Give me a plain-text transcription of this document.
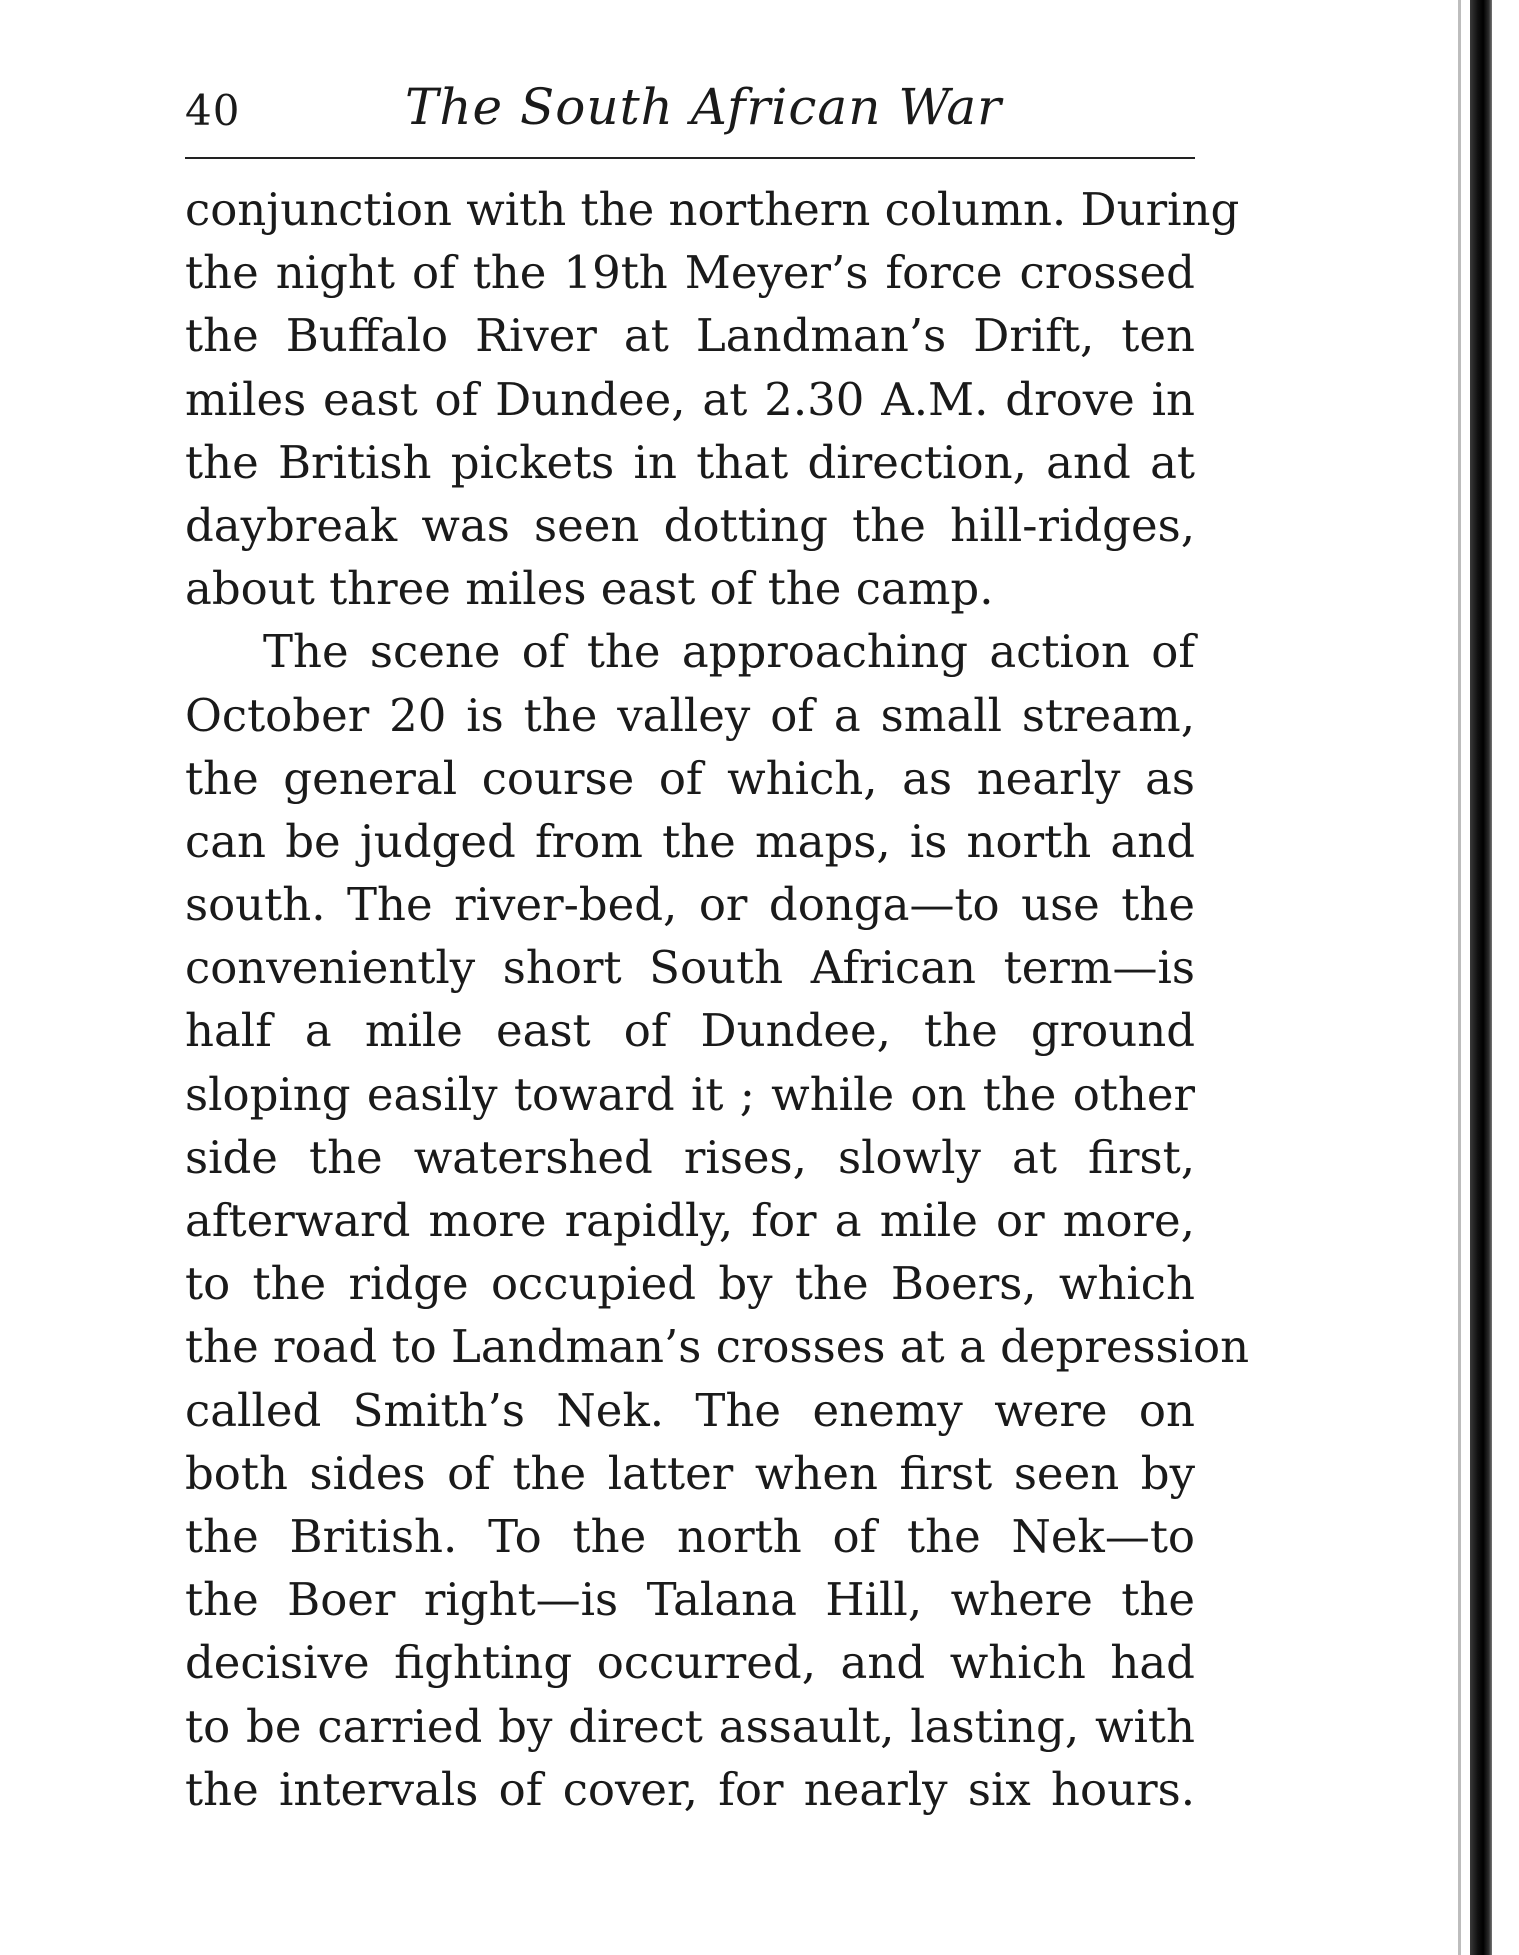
40	The South African War
conjunction with the northern column. During
the night of the 19th Meyer’s force crossed
the Buffalo River at Landman’s Drift, ten
miles east of Dundee, at 2.30 A.M. drove in
the British pickets in that direction, and at
daybreak was seen dotting the hill-ridges,
about three miles east of the camp.
The scene of the approaching action of
October 20 is the valley of a small stream,
the general course of which, as nearly as
can be judged from the maps, is north and
south. The river-bed, or donga—to use the
conveniently short South African term—is
half a mile east of Dundee, the ground
sloping easily toward it ; while on the other
side the watershed rises, slowly at first,
afterward more rapidly, for a mile or more,
to the ridge occupied by the Boers, which
the road to Landman’s crosses at a depression
called Smith’s Nek. The enemy were on
both sides of the latter when first seen by
the British. To the north of the Nek—to
the Boer right—is Talana Hill, where the
decisive fighting occurred, and which had
to be carried by direct assault, lasting, with
the intervals of cover, for nearly six hours.
